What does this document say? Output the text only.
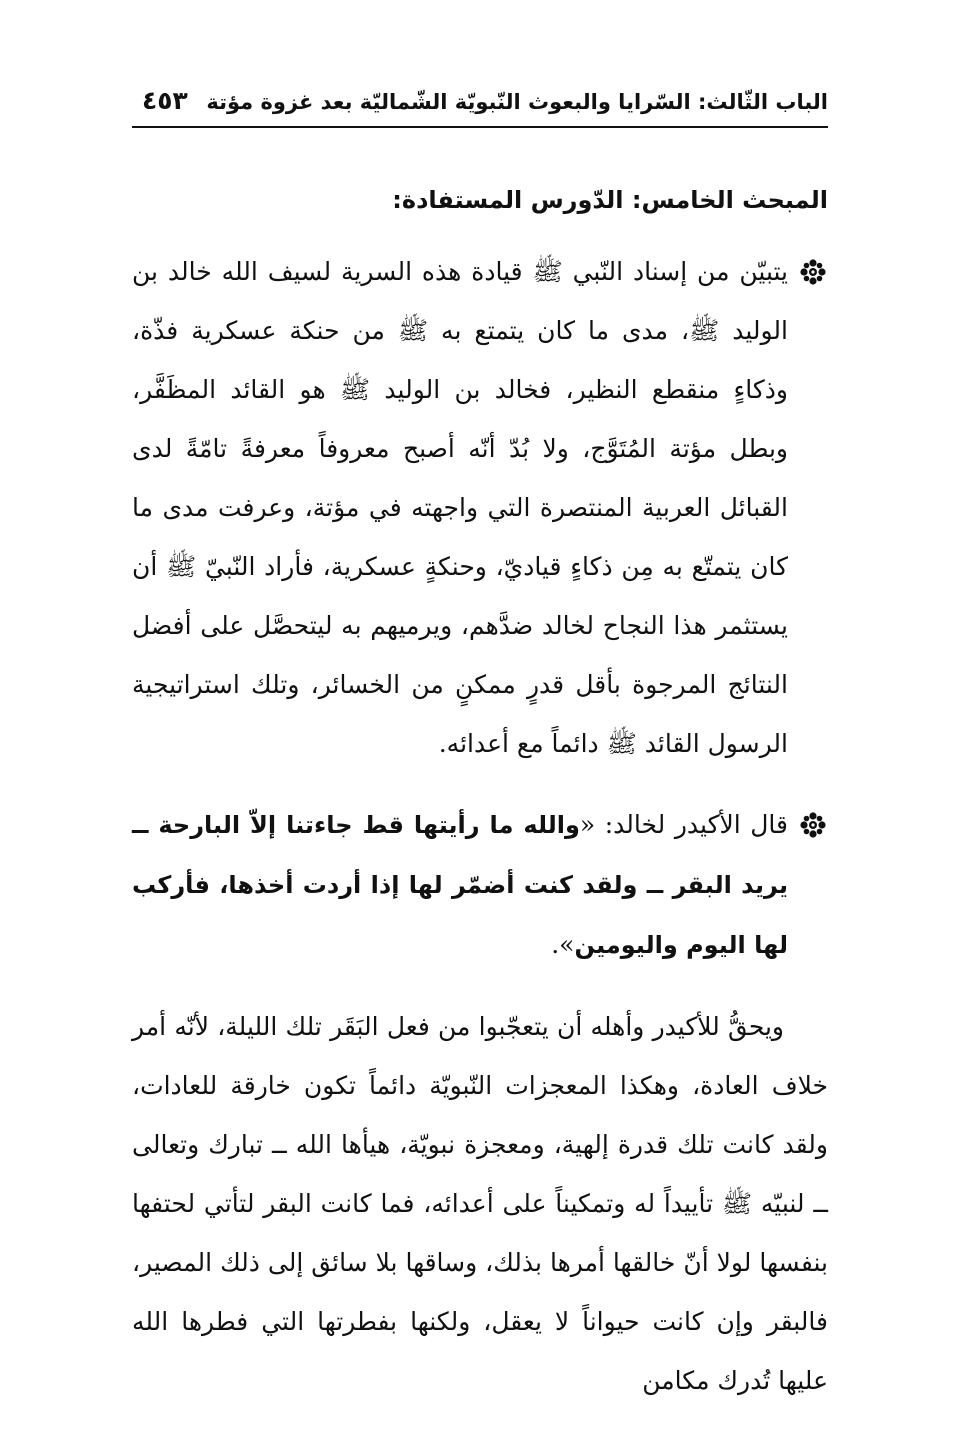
الباب الثّالث: السّرايا والبعوث النّبويّة الشّماليّة بعد غزوة مؤتة
٤٥٣
المبحث الخامس: الدّورس المستفادة:
يتبيّن من إسناد النّبي ﷺ قيادة هذه السرية لسيف الله خالد بن الوليد ﷺ، مدى ما كان يتمتع به ﷺ من حنكة عسكرية فذّة، وذكاءٍ منقطع النظير، فخالد بن الوليد ﷺ هو القائد المظَفَّر، وبطل مؤتة المُتَوَّج، ولا بُدّ أنّه أصبح معروفاً معرفةً تامّةً لدى القبائل العربية المنتصرة التي واجهته في مؤتة، وعرفت مدى ما كان يتمتّع به مِن ذكاءٍ قياديّ، وحنكةٍ عسكرية، فأراد النّبيّ ﷺ أن يستثمر هذا النجاح لخالد ضدَّهم، ويرميهم به ليتحصَّل على أفضل النتائج المرجوة بأقل قدرٍ ممكنٍ من الخسائر، وتلك استراتيجية الرسول القائد ﷺ دائماً مع أعدائه.
قال الأكيدر لخالد: «والله ما رأيتها قط جاءتنا إلاّ البارحة ــ يريد البقر ــ ولقد كنت أضمّر لها إذا أردت أخذها، فأركب لها اليوم واليومين».

ويحقُّ للأكيدر وأهله أن يتعجّبوا من فعل البَقَر تلك الليلة، لأنّه أمر خلاف العادة، وهكذا المعجزات النّبويّة دائماً تكون خارقة للعادات، ولقد كانت تلك قدرة إلهية، ومعجزة نبويّة، هيأها الله ــ تبارك وتعالى ــ لنبيّه ﷺ تأييداً له وتمكيناً على أعدائه، فما كانت البقر لتأتي لحتفها بنفسها لولا أنّ خالقها أمرها بذلك، وساقها بلا سائق إلى ذلك المصير، فالبقر وإن كانت حيواناً لا يعقل، ولكنها بفطرتها التي فطرها الله عليها تُدرك مكامن
